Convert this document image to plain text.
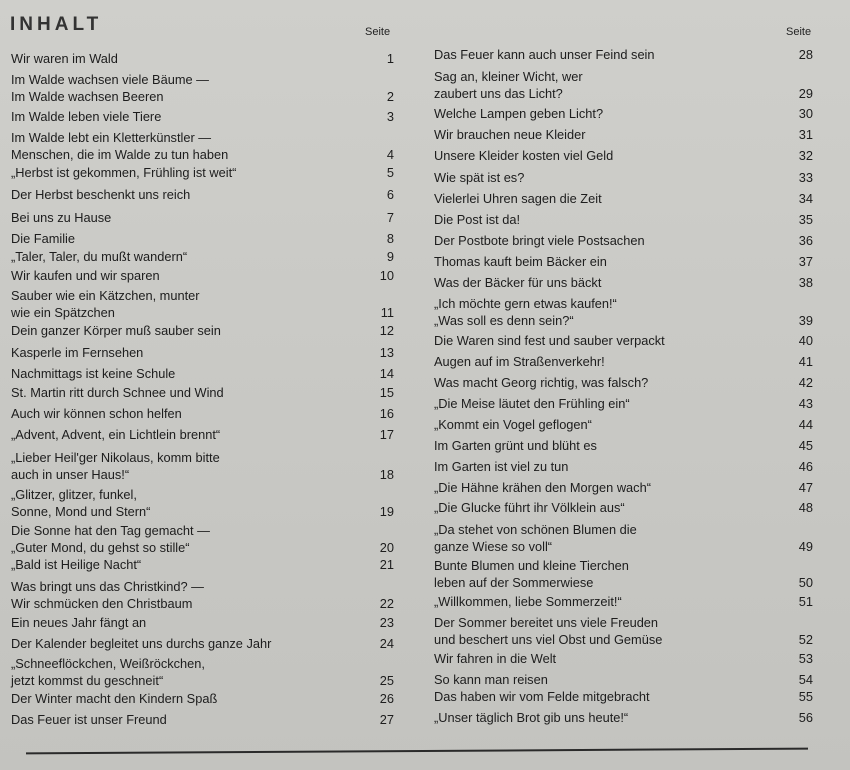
INHALT	Seite	Seite
Wir waren im Wald	1
Im Walde wachsen viele Bäume —
Im Walde wachsen Beeren	2
Im Walde leben viele Tiere	3
Im Walde lebt ein Kletterkünstler —
Menschen, die im Walde zu tun haben	4
„Herbst ist gekommen, Frühling ist weit“	5
Der Herbst beschenkt uns reich	6
Bei uns zu Hause	7
Die Familie	8
„Taler, Taler, du mußt wandern“	9
Wir kaufen und wir sparen	10
Sauber wie ein Kätzchen, munter
wie ein Spätzchen	11
Dein ganzer Körper muß sauber sein	12
Kasperle im Fernsehen	13
Nachmittags ist keine Schule	14
St. Martin ritt durch Schnee und Wind	15
Auch wir können schon helfen	16
„Advent, Advent, ein Lichtlein brennt“	17
„Lieber Heil'ger Nikolaus, komm bitte
auch in unser Haus!“	18
„Glitzer, glitzer, funkel,
Sonne, Mond und Stern“	19
Die Sonne hat den Tag gemacht —
„Guter Mond, du gehst so stille“	20
„Bald ist Heilige Nacht“	21
Was bringt uns das Christkind? —
Wir schmücken den Christbaum	22
Ein neues Jahr fängt an	23
Der Kalender begleitet uns durchs ganze Jahr	24
„Schneeflöckchen, Weißröckchen,
jetzt kommst du geschneit“	25
Der Winter macht den Kindern Spaß	26
Das Feuer ist unser Freund	27
Das Feuer kann auch unser Feind sein	28
Sag an, kleiner Wicht, wer
zaubert uns das Licht?	29
Welche Lampen geben Licht?	30
Wir brauchen neue Kleider	31
Unsere Kleider kosten viel Geld	32
Wie spät ist es?	33
Vielerlei Uhren sagen die Zeit	34
Die Post ist da!	35
Der Postbote bringt viele Postsachen	36
Thomas kauft beim Bäcker ein	37
Was der Bäcker für uns bäckt	38
„Ich möchte gern etwas kaufen!“
„Was soll es denn sein?“	39
Die Waren sind fest und sauber verpackt	40
Augen auf im Straßenverkehr!	41
Was macht Georg richtig, was falsch?	42
„Die Meise läutet den Frühling ein“	43
„Kommt ein Vogel geflogen“	44
Im Garten grünt und blüht es	45
Im Garten ist viel zu tun	46
„Die Hähne krähen den Morgen wach“	47
„Die Glucke führt ihr Völklein aus“	48
„Da stehet von schönen Blumen die
ganze Wiese so voll“	49
Bunte Blumen und kleine Tierchen
leben auf der Sommerwiese	50
„Willkommen, liebe Sommerzeit!“	51
Der Sommer bereitet uns viele Freuden
und beschert uns viel Obst und Gemüse	52
Wir fahren in die Welt	53
So kann man reisen	54
Das haben wir vom Felde mitgebracht	55
„Unser täglich Brot gib uns heute!“	56
